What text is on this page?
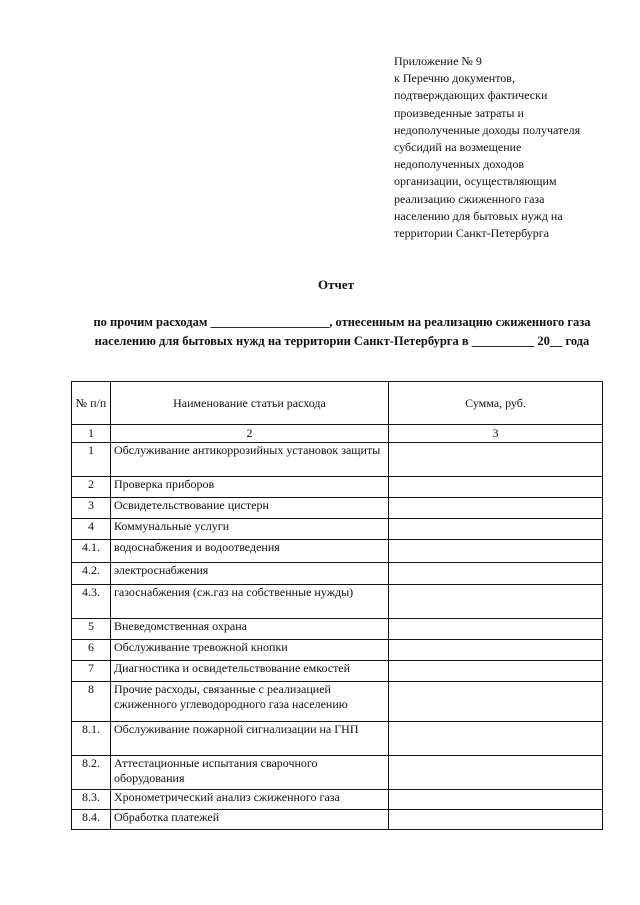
Приложение № 9
к Перечню документов,
подтверждающих фактически
произведенные затраты и
недополученные доходы получателя
субсидий на возмещение
недополученных доходов
организации, осуществляющим
реализацию сжиженного газа
населению для бытовых нужд на
территории Санкт-Петербурга
Отчет
по прочим расходам ___________________, отнесенным на реализацию сжиженного газа
населению для бытовых нужд на территории Санкт-Петербурга в __________ 20__ года
№ п/п	Наименование статьи расхода	Сумма, руб.
1	2	3
1	Обслуживание антикоррозийных установок защиты	
2	Проверка приборов	
3	Освидетельствование цистерн	
4	Коммунальные услуги	
4.1.	водоснабжения и водоотведения	
4.2.	электроснабжения	
4.3.	газоснабжения (сж.газ на собственные нужды)	
5	Вневедомственная охрана	
6	Обслуживание тревожной кнопки	
7	Диагностика и освидетельствование емкостей	
8	Прочие расходы, связанные с реализацией сжиженного углеводородного газа населению	
8.1.	Обслуживание пожарной сигнализации на ГНП	
8.2.	Аттестационные испытания сварочного оборудования	
8.3.	Хронометрический анализ сжиженного газа	
8.4.	Обработка платежей	
